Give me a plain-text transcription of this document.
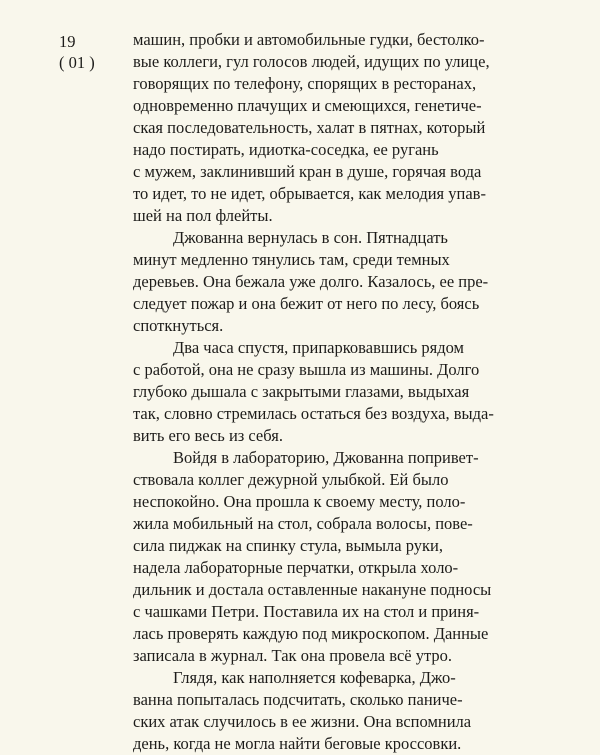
19
( 01 )
машин, пробки и автомобильные гудки, бестолко-
вые коллеги, гул голосов людей, идущих по улице,
говорящих по телефону, спорящих в ресторанах,
одновременно плачущих и смеющихся, генетиче-
ская последовательность, халат в пятнах, который
надо постирать, идиотка-соседка, ее ругань
с мужем, заклинивший кран в душе, горячая вода
то идет, то не идет, обрывается, как мелодия упав-
шей на пол флейты.
Джованна вернулась в сон. Пятнадцать
минут медленно тянулись там, среди темных
деревьев. Она бежала уже долго. Казалось, ее пре-
следует пожар и она бежит от него по лесу, боясь
споткнуться.
Два часа спустя, припарковавшись рядом
с работой, она не сразу вышла из машины. Долго
глубоко дышала с закрытыми глазами, выдыхая
так, словно стремилась остаться без воздуха, выда-
вить его весь из себя.
Войдя в лабораторию, Джованна попривет-
ствовала коллег дежурной улыбкой. Ей было
неспокойно. Она прошла к своему месту, поло-
жила мобильный на стол, собрала волосы, пове-
сила пиджак на спинку стула, вымыла руки,
надела лабораторные перчатки, открыла холо-
дильник и достала оставленные накануне подносы
с чашками Петри. Поставила их на стол и приня-
лась проверять каждую под микроскопом. Данные
записала в журнал. Так она провела всё утро.
Глядя, как наполняется кофеварка, Джо-
ванна попыталась подсчитать, сколько паниче-
ских атак случилось в ее жизни. Она вспомнила
день, когда не могла найти беговые кроссовки.
